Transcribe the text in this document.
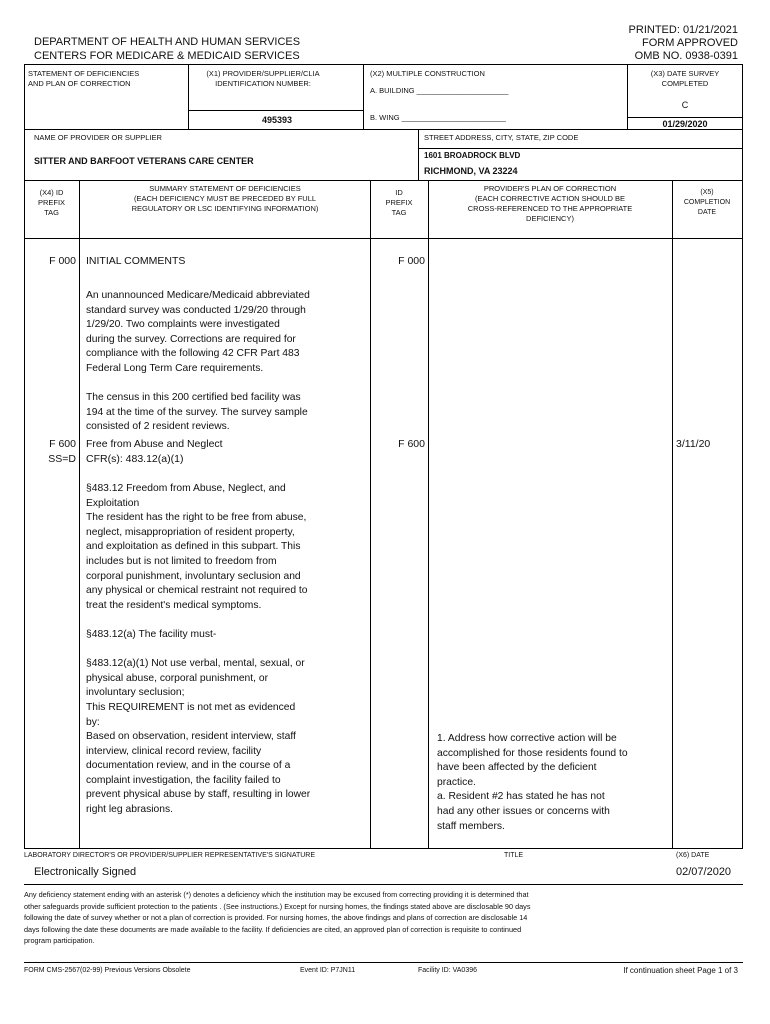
PRINTED: 01/21/2021
FORM APPROVED
OMB NO. 0938-0391
DEPARTMENT OF HEALTH AND HUMAN SERVICES
CENTERS FOR MEDICARE & MEDICAID SERVICES
STATEMENT OF DEFICIENCIES
AND PLAN OF CORRECTION
(X1) PROVIDER/SUPPLIER/CLIA
IDENTIFICATION NUMBER:
495393
(X2) MULTIPLE CONSTRUCTION
A. BUILDING ______________________
B. WING _________________________
(X3) DATE SURVEY
COMPLETED
C
01/29/2020
NAME OF PROVIDER OR SUPPLIER
SITTER AND BARFOOT VETERANS CARE CENTER
STREET ADDRESS, CITY, STATE, ZIP CODE
1601 BROADROCK BLVD
RICHMOND, VA 23224
(X4) ID
PREFIX
TAG
SUMMARY STATEMENT OF DEFICIENCIES
(EACH DEFICIENCY MUST BE PRECEDED BY FULL
REGULATORY OR LSC IDENTIFYING INFORMATION)
ID
PREFIX
TAG
PROVIDER'S PLAN OF CORRECTION
(EACH CORRECTIVE ACTION SHOULD BE
CROSS-REFERENCED TO THE APPROPRIATE
DEFICIENCY)
(X5)
COMPLETION
DATE
F 000 INITIAL COMMENTS	F 000
An unannounced Medicare/Medicaid abbreviated
standard survey was conducted 1/29/20 through
1/29/20. Two complaints were investigated
during the survey. Corrections are required for
compliance with the following 42 CFR Part 483
Federal Long Term Care requirements.

The census in this 200 certified bed facility was
194 at the time of the survey. The survey sample
consisted of 2 resident reviews.
F 600
SS=D
Free from Abuse and Neglect
CFR(s): 483.12(a)(1)
F 600	3/11/20
§483.12 Freedom from Abuse, Neglect, and
Exploitation
The resident has the right to be free from abuse,
neglect, misappropriation of resident property,
and exploitation as defined in this subpart. This
includes but is not limited to freedom from
corporal punishment, involuntary seclusion and
any physical or chemical restraint not required to
treat the resident's medical symptoms.

§483.12(a) The facility must-

§483.12(a)(1) Not use verbal, mental, sexual, or
physical abuse, corporal punishment, or
involuntary seclusion;
This REQUIREMENT is not met as evidenced
by:
Based on observation, resident interview, staff
interview, clinical record review, facility
documentation review, and in the course of a
complaint investigation, the facility failed to
prevent physical abuse by staff, resulting in lower
right leg abrasions.
1. Address how corrective action will be
accomplished for those residents found to
have been affected by the deficient
practice.
a. Resident #2 has stated he has not
had any other issues or concerns with
staff members.
LABORATORY DIRECTOR'S OR PROVIDER/SUPPLIER REPRESENTATIVE'S SIGNATURE	TITLE	(X6) DATE
Electronically Signed	02/07/2020
Any deficiency statement ending with an asterisk (*) denotes a deficiency which the institution may be excused from correcting providing it is determined that
other safeguards provide sufficient protection to the patients . (See instructions.) Except for nursing homes, the findings stated above are disclosable 90 days
following the date of survey whether or not a plan of correction is provided. For nursing homes, the above findings and plans of correction are disclosable 14
days following the date these documents are made available to the facility. If deficiencies are cited, an approved plan of correction is requisite to continued
program participation.
FORM CMS-2567(02-99) Previous Versions Obsolete	Event ID: P7JN11	Facility ID: VA0396	If continuation sheet Page 1 of 3
